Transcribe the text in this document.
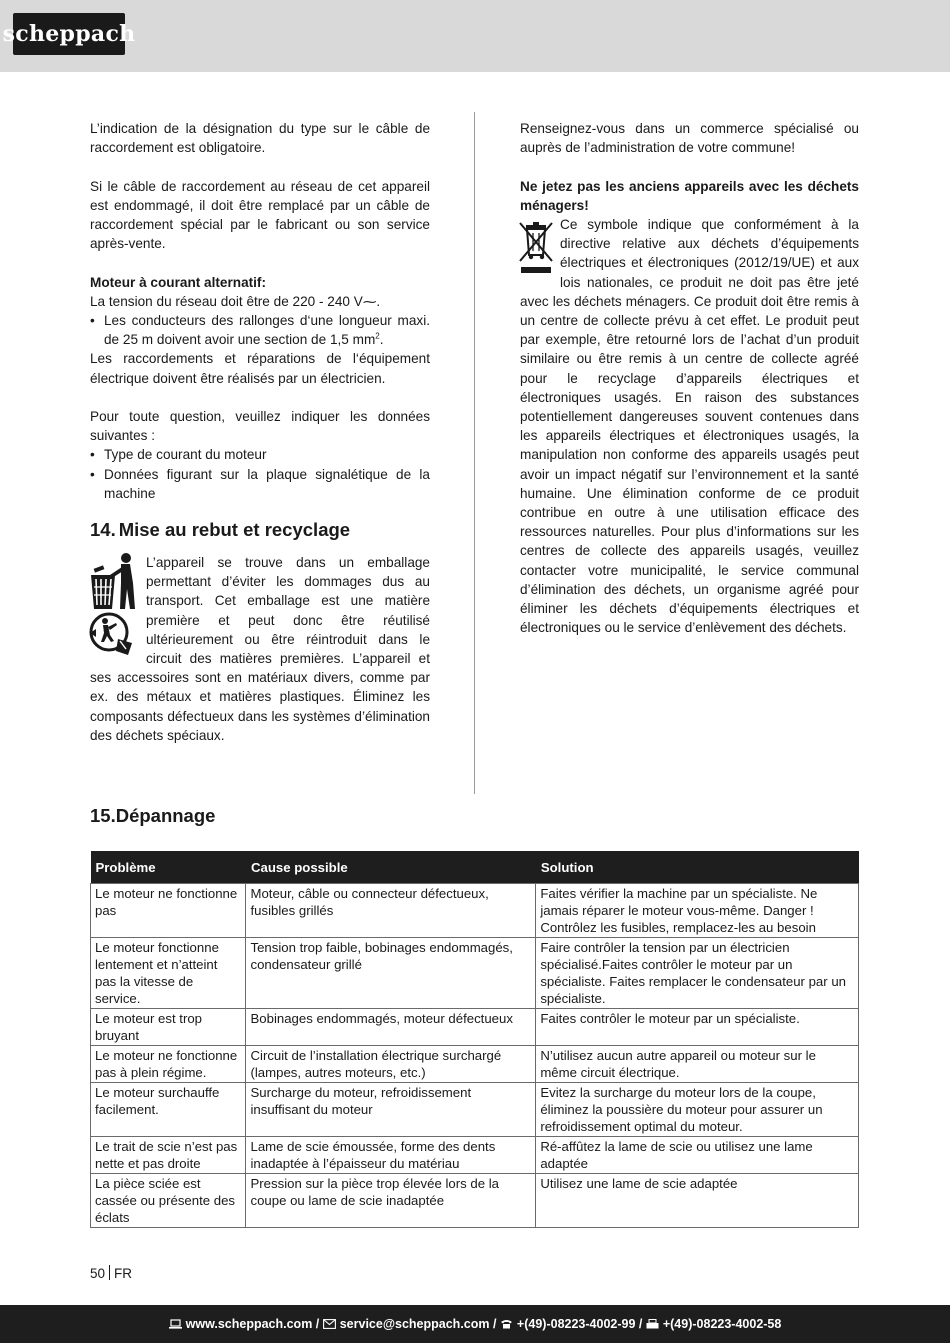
scheppach

L’indication de la désignation du type sur le câble de raccordement est obligatoire.

Si le câble de raccordement au réseau de cet appareil est endommagé, il doit être remplacé par un câble de raccordement spécial par le fabricant ou son service après-vente.

Moteur à courant alternatif:

La tension du réseau doit être de 220 - 240 V⁓.

• Les conducteurs des rallonges d‘une longueur maxi. de 25 m doivent avoir une section de 1,5 $mm^2$.

Les raccordements et réparations de l‘équipement électrique doivent être réalisés par un électricien.

Pour toute question, veuillez indiquer les données suivantes :

• Type de courant du moteur
• Données figurant sur la plaque signalétique de la machine
14. Mise au rebut et recyclage

L’appareil se trouve dans un emballage permettant d’éviter les dommages dus au transport. Cet emballage est une matière première et peut donc être réutilisé ultérieurement ou être réintroduit dans le circuit des matières premières. L’appareil et ses accessoires sont en matériaux divers, comme par ex. des métaux et matières plastiques. Éliminez les composants défectueux dans les systèmes d’élimination des déchets spéciaux.

Renseignez-vous dans un commerce spécialisé ou auprès de l’administration de votre commune!

Ne jetez pas les anciens appareils avec les déchets ménagers!

Ce symbole indique que conformément à la directive relative aux déchets d’équipements électriques et électroniques (2012/19/UE) et aux lois nationales, ce produit ne doit pas être jeté avec les déchets ménagers. Ce produit doit être remis à un centre de collecte prévu à cet effet. Le produit peut par exemple, être retourné lors de l’achat d’un produit similaire ou être remis à un centre de collecte agréé pour le recyclage d’appareils électriques et électroniques usagés. En raison des substances potentiellement dangereuses souvent contenues dans les appareils électriques et électroniques usagés, la manipulation non conforme des appareils usagés peut avoir un impact négatif sur l’environnement et la santé humaine. Une élimination conforme de ce produit contribue en outre à une utilisation efficace des ressources naturelles. Pour plus d’informations sur les centres de collecte des appareils usagés, veuillez contacter votre municipalité, le service communal d’élimination des déchets, un organisme agréé pour éliminer les déchets d’équipements électriques et électroniques ou le service d’enlèvement des déchets.

15.Dépannage
Problème	Cause possible	Solution
Le moteur ne fonctionne pas	Moteur, câble ou connecteur défectueux, fusibles grillés	Faites vérifier la machine par un spécialiste. Ne jamais réparer le moteur vous-même. Danger ! Contrôlez les fusibles, remplacez-les au besoin
Le moteur fonctionne lentement et n’atteint pas la vitesse de service.	Tension trop faible, bobinages endommagés, condensateur grillé	Faire contrôler la tension par un électricien spécialisé.Faites contrôler le moteur par un spécialiste. Faites remplacer le condensateur par un spécialiste.
Le moteur est trop bruyant	Bobinages endommagés, moteur défectueux	Faites contrôler le moteur par un spécialiste.
Le moteur ne fonctionne pas à plein régime.	Circuit de l’installation électrique surchargé (lampes, autres moteurs, etc.)	N’utilisez aucun autre appareil ou moteur sur le même circuit électrique.
Le moteur surchauffe facilement.	Surcharge du moteur, refroidissement insuffisant du moteur	Evitez la surcharge du moteur lors de la coupe, éliminez la poussière du moteur pour assurer un refroidissement optimal du moteur.
Le trait de scie n’est pas nette et pas droite	Lame de scie émoussée, forme des dents inadaptée à l’épaisseur du matériau	Ré-affûtez la lame de scie ou utilisez une lame adaptée
La pièce sciée est cassée ou présente des éclats	Pression sur la pièce trop élevée lors de la coupe ou lame de scie inadaptée	Utilisez une lame de scie adaptée
50 FR
www.scheppach.com / service@scheppach.com / +(49)-08223-4002-99 / +(49)-08223-4002-58
